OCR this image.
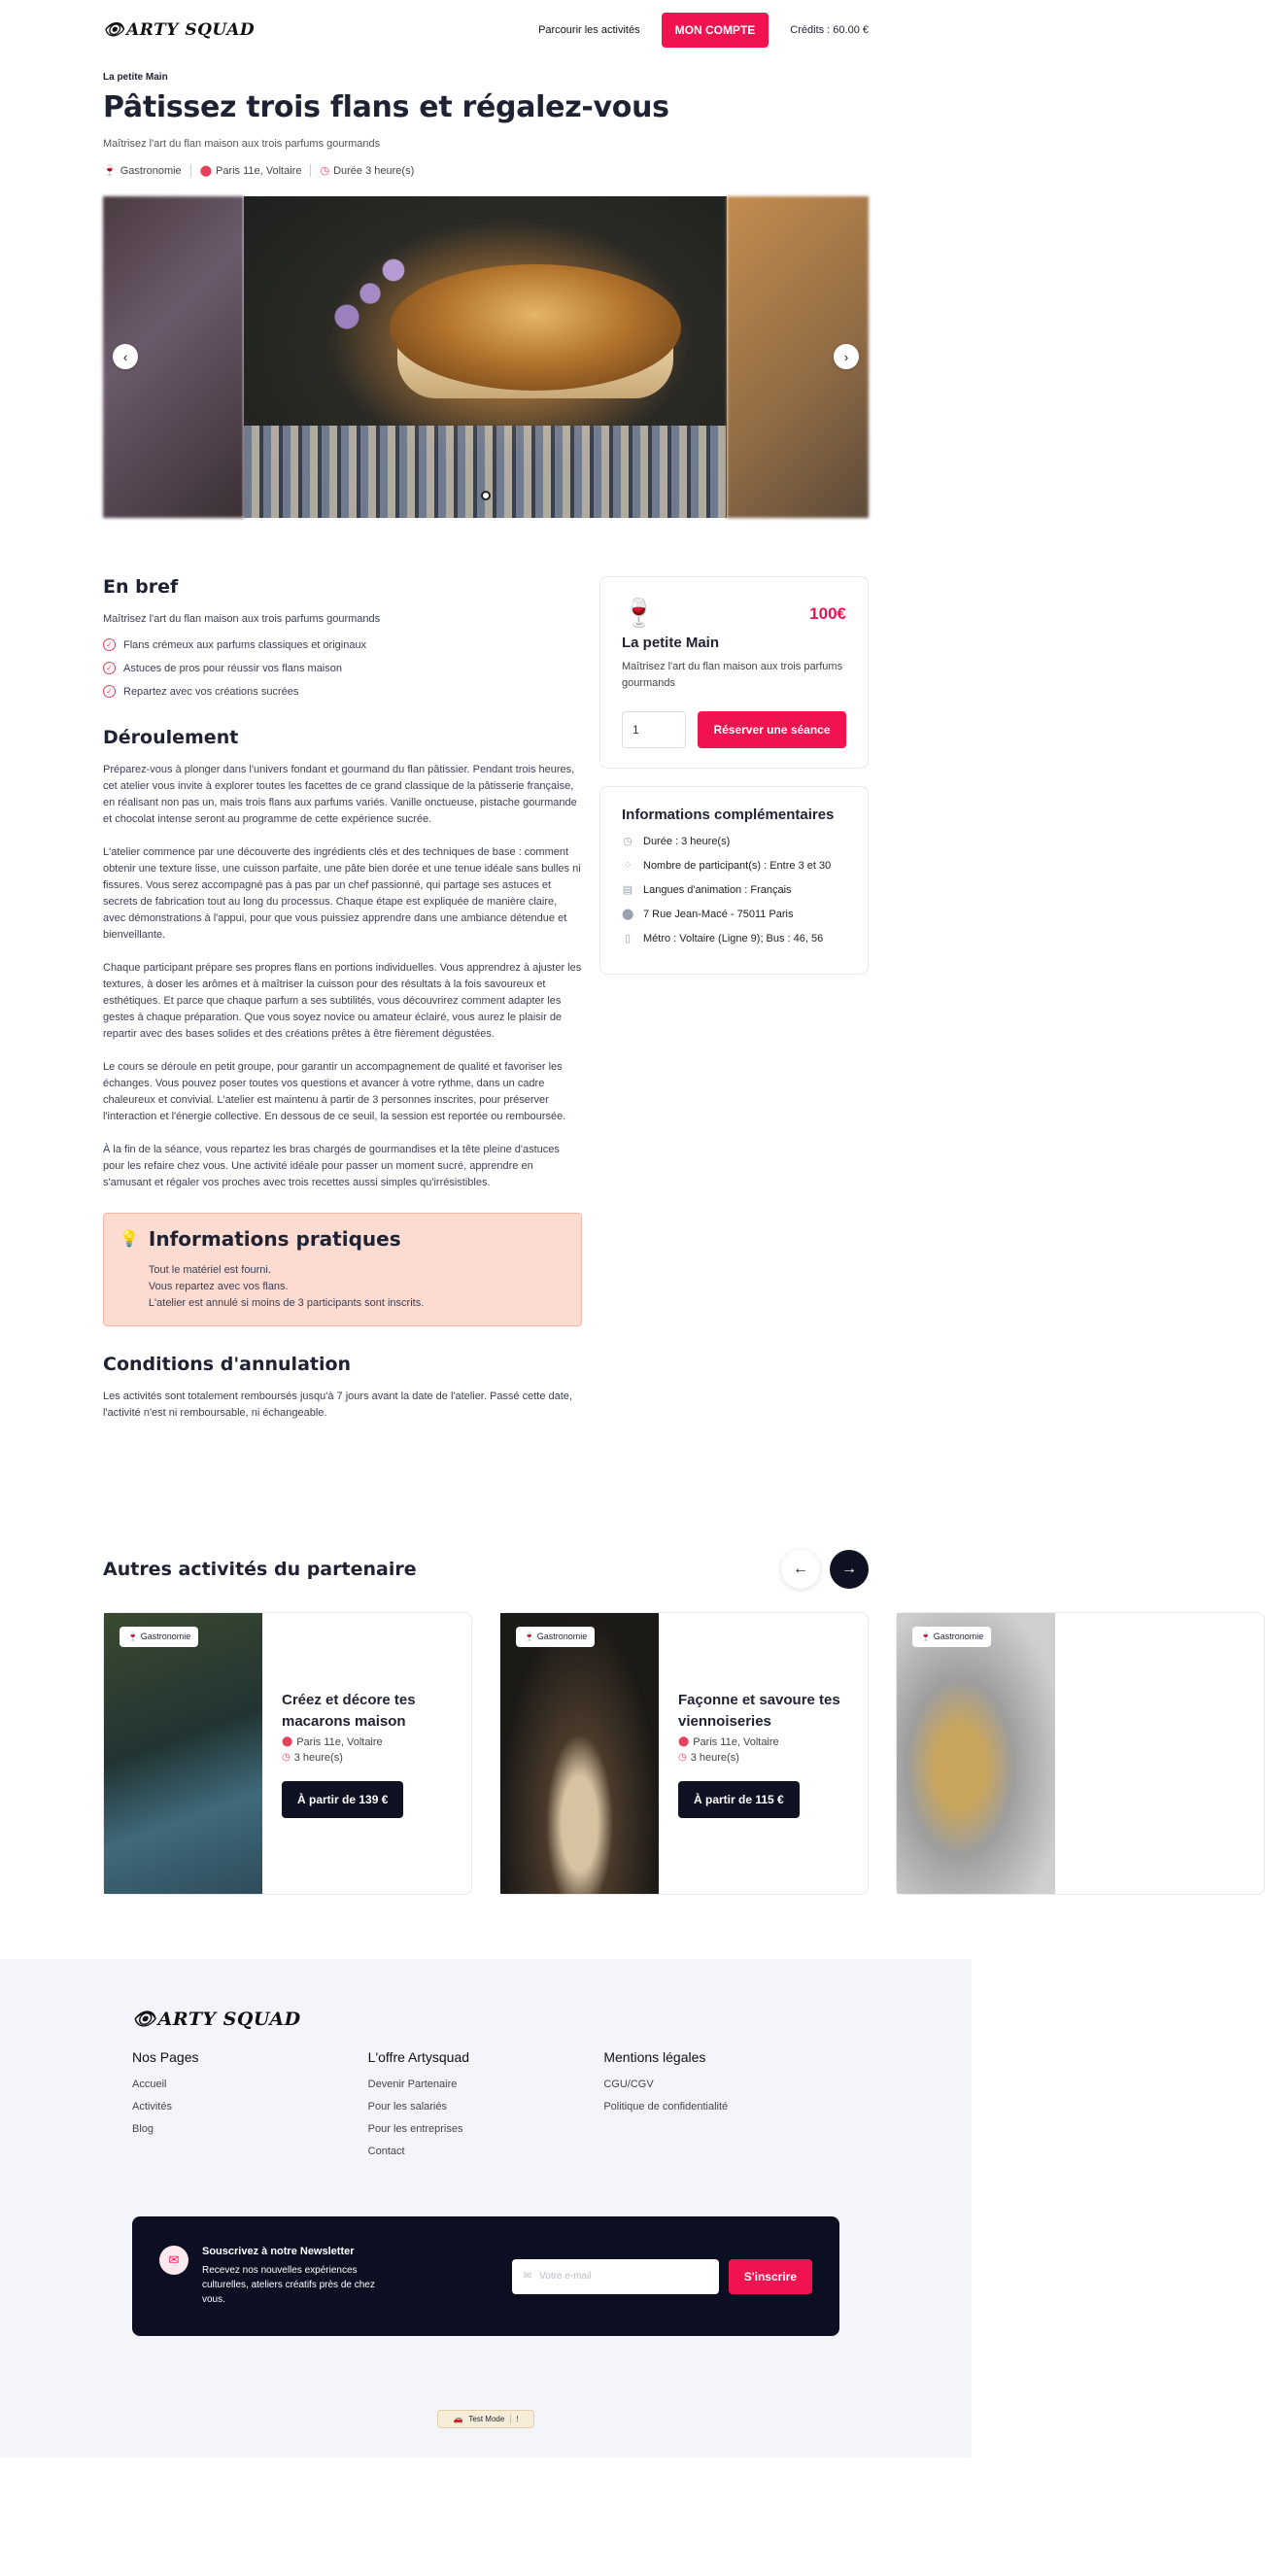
👁 ARTY SQUAD	Parcourir les activités	MON COMPTE	Crédits : 60.00 €
La petite Main
Pâtissez trois flans et régalez-vous
Maîtrisez l'art du flan maison aux trois parfums gourmands
🍷 Gastronomie ⬤ Paris 11e, Voltaire ◷ Durée 3 heure(s)
‹	›
En bref
Maîtrisez l'art du flan maison aux trois parfums gourmands
✓ Flans crémeux aux parfums classiques et originaux
✓ Astuces de pros pour réussir vos flans maison
✓ Repartez avec vos créations sucrées
Déroulement
Préparez-vous à plonger dans l'univers fondant et gourmand du flan pâtissier. Pendant trois heures, cet atelier vous invite à explorer toutes les facettes de ce grand classique de la pâtisserie française, en réalisant non pas un, mais trois flans aux parfums variés. Vanille onctueuse, pistache gourmande et chocolat intense seront au programme de cette expérience sucrée.
L'atelier commence par une découverte des ingrédients clés et des techniques de base : comment obtenir une texture lisse, une cuisson parfaite, une pâte bien dorée et une tenue idéale sans bulles ni fissures. Vous serez accompagné pas à pas par un chef passionné, qui partage ses astuces et secrets de fabrication tout au long du processus. Chaque étape est expliquée de manière claire, avec démonstrations à l'appui, pour que vous puissiez apprendre dans une ambiance détendue et bienveillante.
Chaque participant prépare ses propres flans en portions individuelles. Vous apprendrez à ajuster les textures, à doser les arômes et à maîtriser la cuisson pour des résultats à la fois savoureux et esthétiques. Et parce que chaque parfum a ses subtilités, vous découvrirez comment adapter les gestes à chaque préparation. Que vous soyez novice ou amateur éclairé, vous aurez le plaisir de repartir avec des bases solides et des créations prêtes à être fièrement dégustées.
Le cours se déroule en petit groupe, pour garantir un accompagnement de qualité et favoriser les échanges. Vous pouvez poser toutes vos questions et avancer à votre rythme, dans un cadre chaleureux et convivial. L'atelier est maintenu à partir de 3 personnes inscrites, pour préserver l'interaction et l'énergie collective. En dessous de ce seuil, la session est reportée ou remboursée.
À la fin de la séance, vous repartez les bras chargés de gourmandises et la tête pleine d'astuces pour les refaire chez vous. Une activité idéale pour passer un moment sucré, apprendre en s'amusant et régaler vos proches avec trois recettes aussi simples qu'irrésistibles.
💡 Informations pratiques
Tout le matériel est fourni.
Vous repartez avec vos flans.
L'atelier est annulé si moins de 3 participants sont inscrits.
Conditions d'annulation
Les activités sont totalement remboursés jusqu'à 7 jours avant la date de l'atelier. Passé cette date, l'activité n'est ni remboursable, ni échangeable.
🍷	100€
La petite Main
Maîtrisez l'art du flan maison aux trois parfums gourmands
1
Réserver une séance
Informations complémentaires
◷ Durée : 3 heure(s)
⁘ Nombre de participant(s) : Entre 3 et 30
▤ Langues d'animation : Français
⬤ 7 Rue Jean-Macé - 75011 Paris
▯ Métro : Voltaire (Ligne 9); Bus : 46, 56
Autres activités du partenaire	← →
🍷 Gastronomie
Créez et décore tes macarons maison
⬤ Paris 11e, Voltaire
◷ 3 heure(s)
À partir de 139 €
🍷 Gastronomie
Façonne et savoure tes viennoiseries
⬤ Paris 11e, Voltaire
◷ 3 heure(s)
À partir de 115 €
🍷 Gastronomie
👁 ARTY SQUAD
Nos Pages
Accueil
Activités
Blog
L'offre Artysquad
Devenir Partenaire
Pour les salariés
Pour les entreprises
Contact
Mentions légales
CGU/CGV
Politique de confidentialité
✉
Souscrivez à notre Newsletter
Recevez nos nouvelles expériences culturelles, ateliers créatifs près de chez vous.
✉ Votre e-mail	S'inscrire
🚗 Test Mode	!
